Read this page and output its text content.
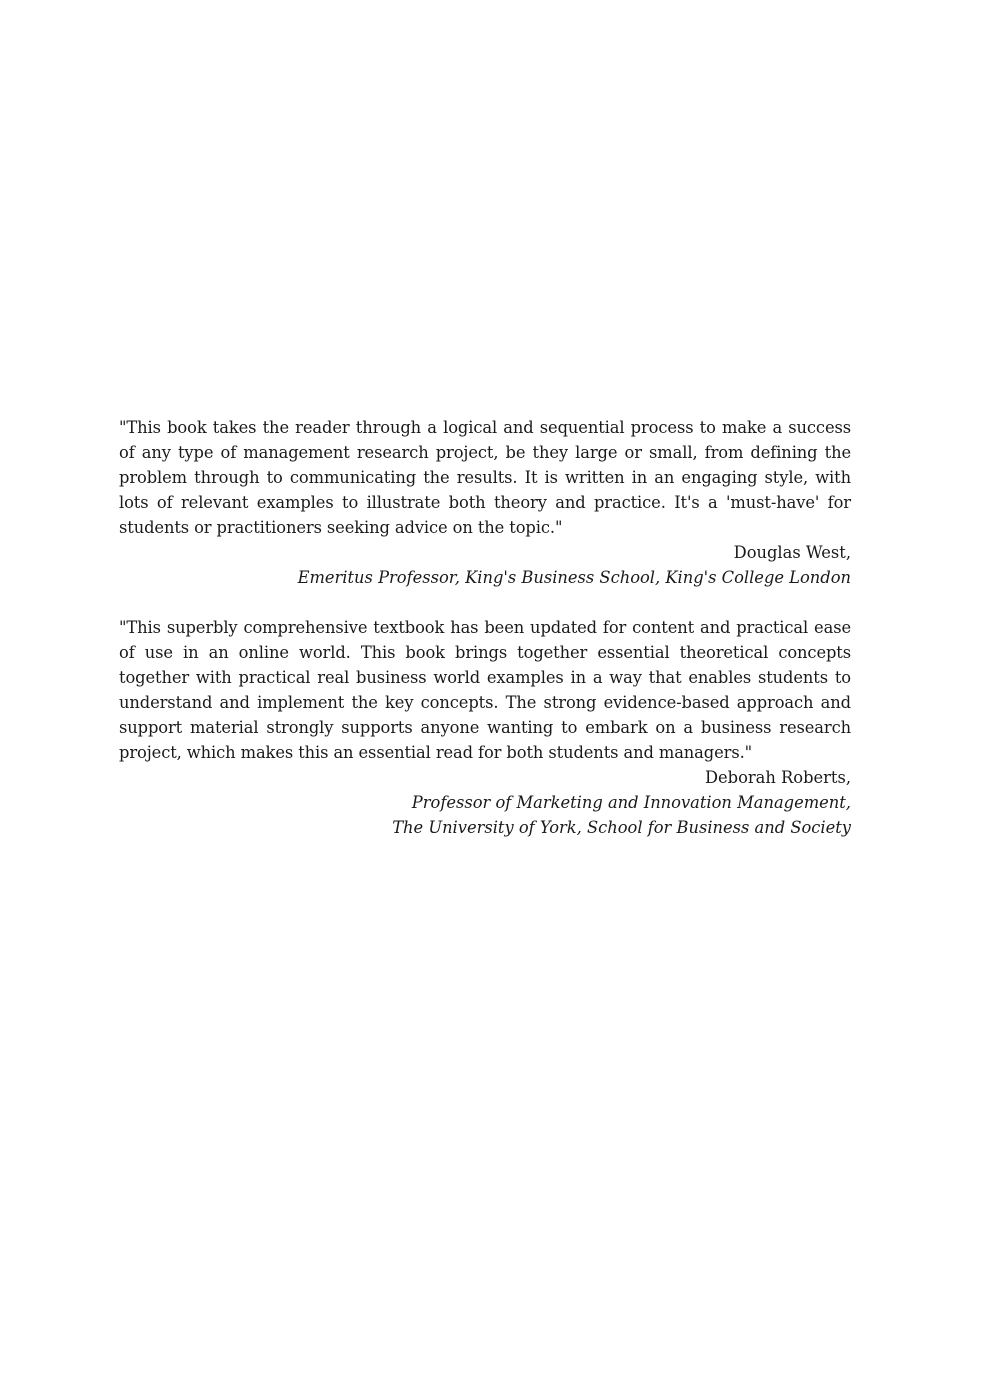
"This book takes the reader through a logical and sequential process to make a success of any type of management research project, be they large or small, from defining the problem through to communicating the results. It is written in an engaging style, with lots of relevant examples to illustrate both theory and practice. It's a 'must-have' for students or practitioners seeking advice on the topic."

Douglas West,
Emeritus Professor, King's Business School, King's College London

"This superbly comprehensive textbook has been updated for content and practical ease of use in an online world. This book brings together essential theoretical concepts together with practical real business world examples in a way that enables students to understand and implement the key concepts. The strong evidence-based approach and support material strongly supports anyone wanting to embark on a business research project, which makes this an essential read for both students and managers."

Deborah Roberts,
Professor of Marketing and Innovation Management,
The University of York, School for Business and Society
